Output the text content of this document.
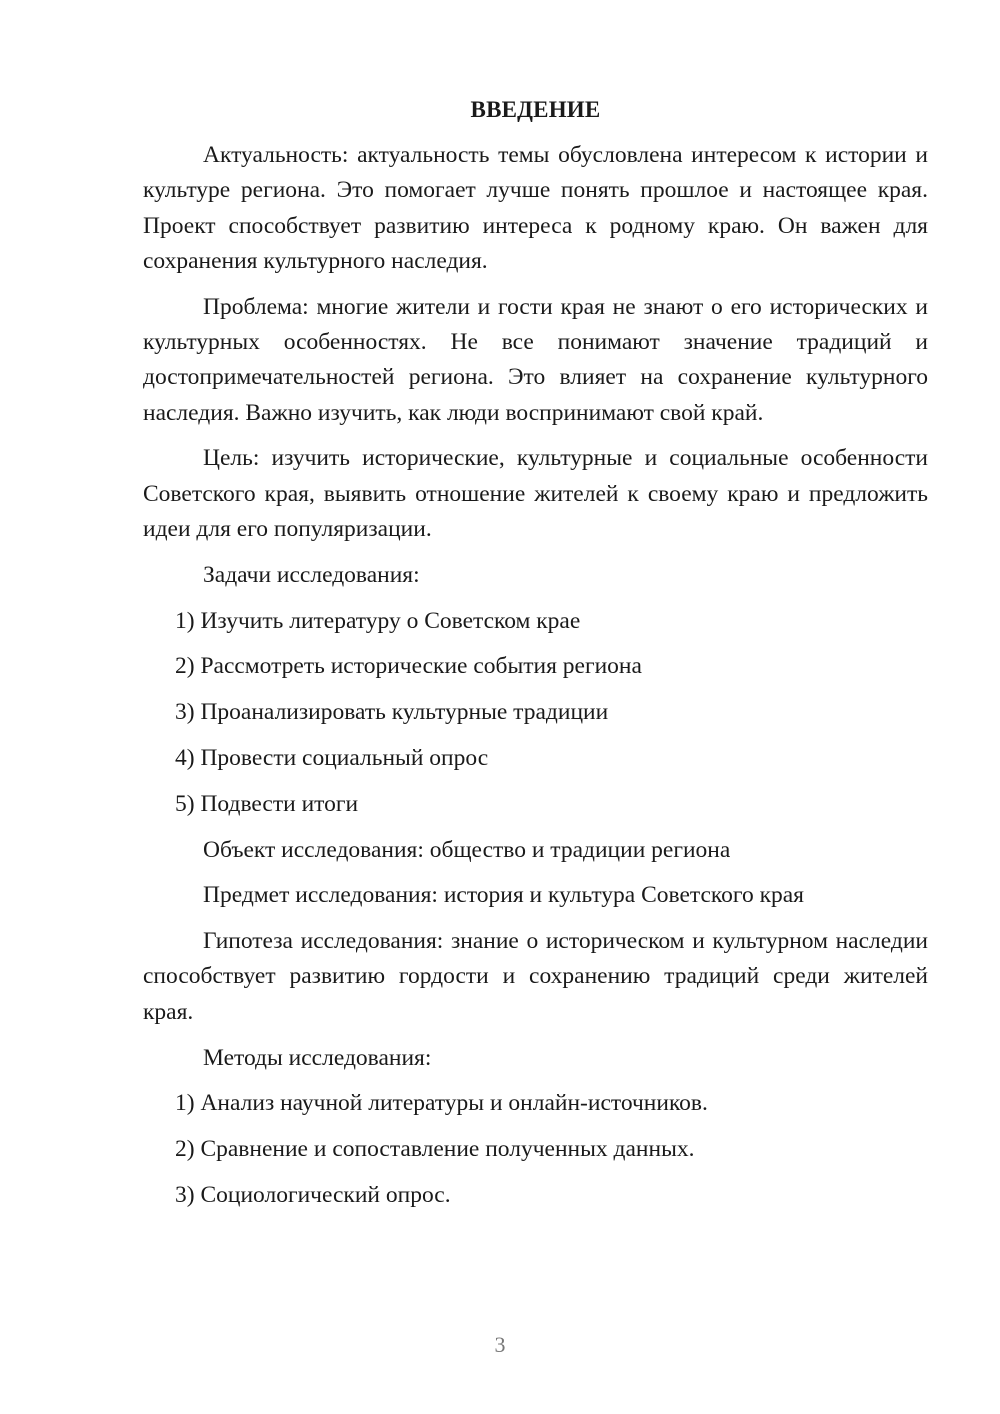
ВВЕДЕНИЕ

Актуальность: актуальность темы обусловлена интересом к истории и культуре региона. Это помогает лучше понять прошлое и настоящее края. Проект способствует развитию интереса к родному краю. Он важен для сохранения культурного наследия.

Проблема: многие жители и гости края не знают о его исторических и культурных особенностях. Не все понимают значение традиций и достопримечательностей региона. Это влияет на сохранение культурного наследия. Важно изучить, как люди воспринимают свой край.

Цель: изучить исторические, культурные и социальные особенности Советского края, выявить отношение жителей к своему краю и предложить идеи для его популяризации.

Задачи исследования:

1) Изучить литературу о Советском крае

2) Рассмотреть исторические события региона

3) Проанализировать культурные традиции

4) Провести социальный опрос

5) Подвести итоги

Объект исследования: общество и традиции региона

Предмет исследования: история и культура Советского края

Гипотеза исследования: знание о историческом и культурном наследии способствует развитию гордости и сохранению традиций среди жителей края.

Методы исследования:

1) Анализ научной литературы и онлайн-источников.

2) Сравнение и сопоставление полученных данных.

3) Социологический опрос.

3
